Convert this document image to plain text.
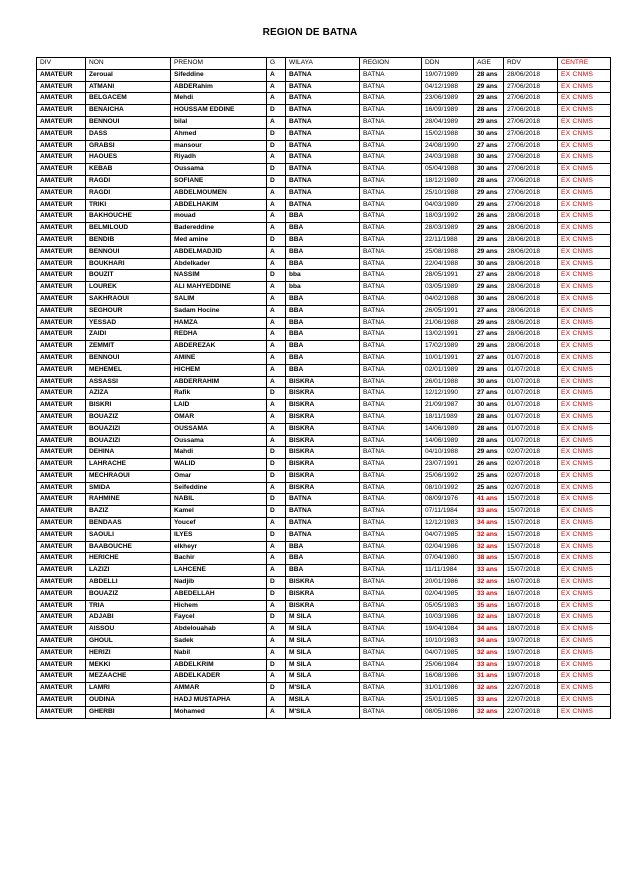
REGION DE BATNA
DIV	NON	PRENOM	G	WILAYA	REGION	DDN	AGE	RDV	CENTRE
AMATEUR	Zeroual	Sifeddine	A	BATNA	BATNA	19/07/1989	28 ans	28/06/2018	EX CNMS
AMATEUR	ATMANI	ABDERahim	A	BATNA	BATNA	04/12/1988	29 ans	27/06/2018	EX CNMS
AMATEUR	BELGACEM	Mehdi	A	BATNA	BATNA	23/06/1989	29 ans	27/06/2018	EX CNMS
AMATEUR	BENAICHA	HOUSSAM EDDINE	D	BATNA	BATNA	16/09/1989	28 ans	27/06/2018	EX CNMS
AMATEUR	BENNOUI	bilal	A	BATNA	BATNA	28/04/1989	29 ans	27/06/2018	EX CNMS
AMATEUR	DASS	Ahmed	D	BATNA	BATNA	15/02/1988	30 ans	27/06/2018	EX CNMS
AMATEUR	GRABSI	mansour	D	BATNA	BATNA	24/08/1990	27 ans	27/06/2018	EX CNMS
AMATEUR	HAOUES	Riyadh	A	BATNA	BATNA	24/03/1988	30 ans	27/06/2018	EX CNMS
AMATEUR	KEBAB	Oussama	D	BATNA	BATNA	05/04/1988	30 ans	27/06/2018	EX CNMS
AMATEUR	RAGDI	SOFIANE	D	BATNA	BATNA	18/12/1989	28 ans	27/06/2018	EX CNMS
AMATEUR	RAGDI	ABDELMOUMEN	A	BATNA	BATNA	25/10/1988	29 ans	27/06/2018	EX CNMS
AMATEUR	TRIKI	ABDELHAKIM	A	BATNA	BATNA	04/03/1989	29 ans	27/06/2018	EX CNMS
AMATEUR	BAKHOUCHE	mouad	A	BBA	BATNA	18/03/1992	26 ans	28/06/2018	EX CNMS
AMATEUR	BELMILOUD	Badereddine	A	BBA	BATNA	28/03/1989	29 ans	28/06/2018	EX CNMS
AMATEUR	BENDIB	Med amine	D	BBA	BATNA	22/11/1988	29 ans	28/06/2018	EX CNMS
AMATEUR	BENNOUI	ABDELMADJID	A	BBA	BATNA	25/08/1988	29 ans	28/06/2018	EX CNMS
AMATEUR	BOUKHARI	Abdelkader	A	BBA	BATNA	22/04/1988	30 ans	28/06/2018	EX CNMS
AMATEUR	BOUZIT	NASSIM	D	bba	BATNA	28/05/1991	27 ans	28/06/2018	EX CNMS
AMATEUR	LOUREK	ALI MAHYEDDINE	A	bba	BATNA	03/05/1989	29 ans	28/06/2018	EX CNMS
AMATEUR	SAKHRAOUI	SALIM	A	BBA	BATNA	04/02/1988	30 ans	28/06/2018	EX CNMS
AMATEUR	SEGHOUR	Sadam Hocine	A	BBA	BATNA	26/05/1991	27 ans	28/06/2018	EX CNMS
AMATEUR	YESSAD	HAMZA	A	BBA	BATNA	21/06/1988	29 ans	28/06/2018	EX CNMS
AMATEUR	ZAIDI	REDHA	A	BBA	BATNA	13/02/1991	27 ans	28/06/2018	EX CNMS
AMATEUR	ZEMMIT	ABDEREZAK	A	BBA	BATNA	17/02/1989	29 ans	28/06/2018	EX CNMS
AMATEUR	BENNOUI	AMINE	A	BBA	BATNA	10/01/1991	27 ans	01/07/2018	EX CNMS
AMATEUR	MEHEMEL	HICHEM	A	BBA	BATNA	02/01/1989	29 ans	01/07/2018	EX CNMS
AMATEUR	ASSASSI	ABDERRAHIM	A	BISKRA	BATNA	26/01/1988	30 ans	01/07/2018	EX CNMS
AMATEUR	AZIZA	Rafik	D	BISKRA	BATNA	12/12/1990	27 ans	01/07/2018	EX CNMS
AMATEUR	BISKRI	LAID	A	BISKRA	BATNA	21/09/1987	30 ans	01/07/2018	EX CNMS
AMATEUR	BOUAZIZ	OMAR	A	BISKRA	BATNA	18/11/1989	28 ans	01/07/2018	EX CNMS
AMATEUR	BOUAZIZI	OUSSAMA	A	BISKRA	BATNA	14/06/1989	28 ans	01/07/2018	EX CNMS
AMATEUR	BOUAZIZI	Oussama	A	BISKRA	BATNA	14/06/1989	28 ans	01/07/2018	EX CNMS
AMATEUR	DEHINA	Mahdi	D	BISKRA	BATNA	04/10/1988	29 ans	02/07/2018	EX CNMS
AMATEUR	LAHRACHE	WALID	D	BISKRA	BATNA	23/07/1991	26 ans	02/07/2018	EX CNMS
AMATEUR	MECHRAOUI	Omar	D	BISKRA	BATNA	25/06/1992	25 ans	02/07/2018	EX CNMS
AMATEUR	SMIDA	Seifeddine	A	BISKRA	BATNA	08/10/1992	25 ans	02/07/2018	EX CNMS
AMATEUR	RAHMINE	NABIL	D	BATNA	BATNA	08/09/1976	41 ans	15/07/2018	EX CNMS
AMATEUR	BAZIZ	Kamel	D	BATNA	BATNA	07/11/1984	33 ans	15/07/2018	EX CNMS
AMATEUR	BENDAAS	Youcef	A	BATNA	BATNA	12/12/1983	34 ans	15/07/2018	EX CNMS
AMATEUR	SAOULI	ILYES	D	BATNA	BATNA	04/07/1985	32 ans	15/07/2018	EX CNMS
AMATEUR	BAABOUCHE	elkheyr	A	BBA	BATNA	02/04/1986	32 ans	15/07/2018	EX CNMS
AMATEUR	HERICHE	Bachir	A	BBA	BATNA	07/04/1980	38 ans	15/07/2018	EX CNMS
AMATEUR	LAZIZI	LAHCENE	A	BBA	BATNA	11/11/1984	33 ans	15/07/2018	EX CNMS
AMATEUR	ABDELLI	Nadjib	D	BISKRA	BATNA	20/01/1986	32 ans	16/07/2018	EX CNMS
AMATEUR	BOUAZIZ	ABEDELLAH	D	BISKRA	BATNA	02/04/1985	33 ans	16/07/2018	EX CNMS
AMATEUR	TRIA	Hichem	A	BISKRA	BATNA	05/05/1983	35 ans	16/07/2018	EX CNMS
AMATEUR	ADJABI	Faycel	D	M SILA	BATNA	10/03/1986	32 ans	18/07/2018	EX CNMS
AMATEUR	AISSOU	Abdelouahab	A	M SILA	BATNA	19/04/1984	34 ans	18/07/2018	EX CNMS
AMATEUR	GHOUL	Sadek	A	M SILA	BATNA	10/10/1983	34 ans	19/07/2018	EX CNMS
AMATEUR	HERIZI	Nabil	A	M SILA	BATNA	04/07/1985	32 ans	19/07/2018	EX CNMS
AMATEUR	MEKKI	ABDELKRIM	D	M SILA	BATNA	25/06/1984	33 ans	19/07/2018	EX CNMS
AMATEUR	MEZAACHE	ABDELKADER	A	M SILA	BATNA	16/08/1986	31 ans	19/07/2018	EX CNMS
AMATEUR	LAMRI	AMMAR	D	M'SILA	BATNA	31/01/1986	32 ans	22/07/2018	EX CNMS
AMATEUR	OUDINA	HADJ MUSTAPHA	A	MSILA	BATNA	25/01/1985	33 ans	22/07/2018	EX CNMS
AMATEUR	GHERBI	Mohamed	A	M'SILA	BATNA	08/05/1986	32 ans	22/07/2018	EX CNMS
